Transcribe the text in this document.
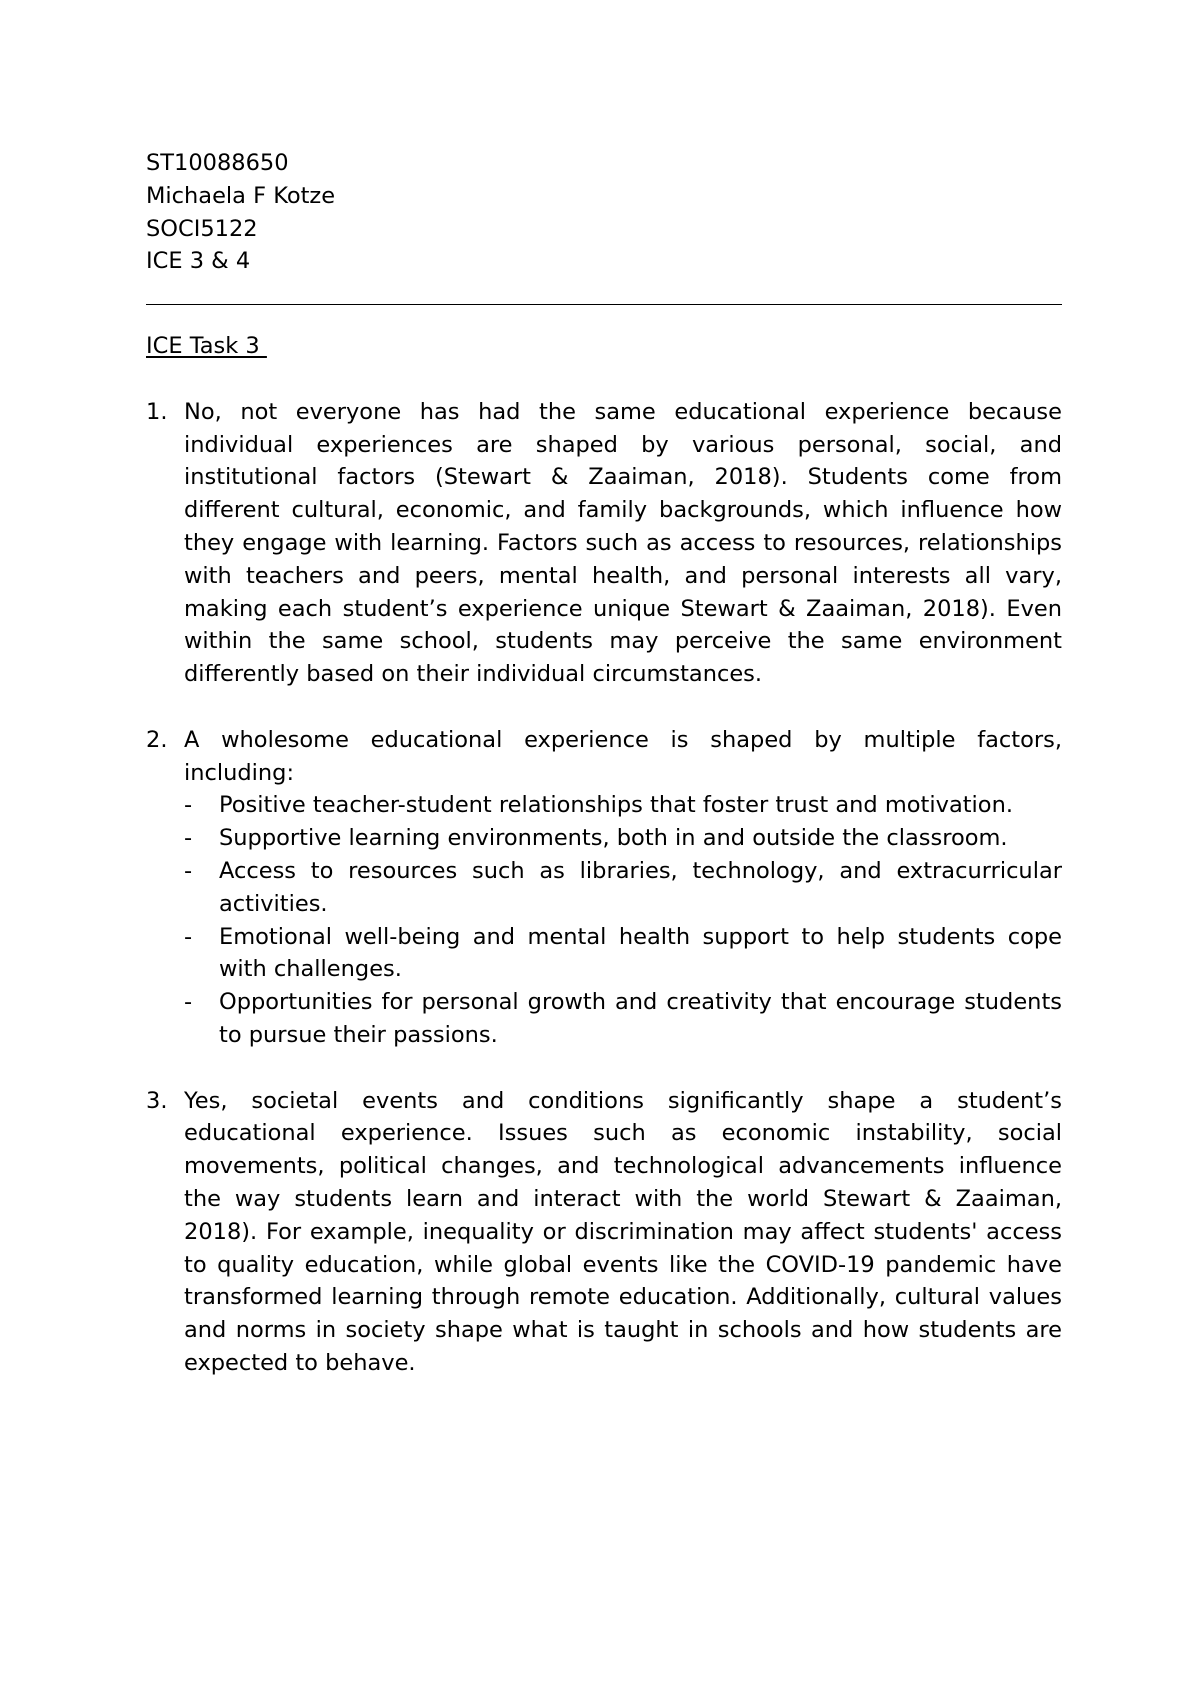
ST10088650
Michaela F Kotze
SOCI5122
ICE 3 & 4
ICE Task 3
1. No, not everyone has had the same educational experience because individual experiences are shaped by various personal, social, and institutional factors (Stewart & Zaaiman, 2018). Students come from different cultural, economic, and family backgrounds, which influence how they engage with learning. Factors such as access to resources, relationships with teachers and peers, mental health, and personal interests all vary, making each student’s experience unique Stewart & Zaaiman, 2018). Even within the same school, students may perceive the same environment differently based on their individual circumstances.
2. A wholesome educational experience is shaped by multiple factors, including:
-	Positive teacher-student relationships that foster trust and motivation.
-	Supportive learning environments, both in and outside the classroom.
-	Access to resources such as libraries, technology, and extracurricular activities.
-	Emotional well-being and mental health support to help students cope with challenges.
-	Opportunities for personal growth and creativity that encourage students to pursue their passions.
3. Yes, societal events and conditions significantly shape a student’s educational experience. Issues such as economic instability, social movements, political changes, and technological advancements influence the way students learn and interact with the world Stewart & Zaaiman, 2018). For example, inequality or discrimination may affect students' access to quality education, while global events like the COVID-19 pandemic have transformed learning through remote education. Additionally, cultural values and norms in society shape what is taught in schools and how students are expected to behave.
